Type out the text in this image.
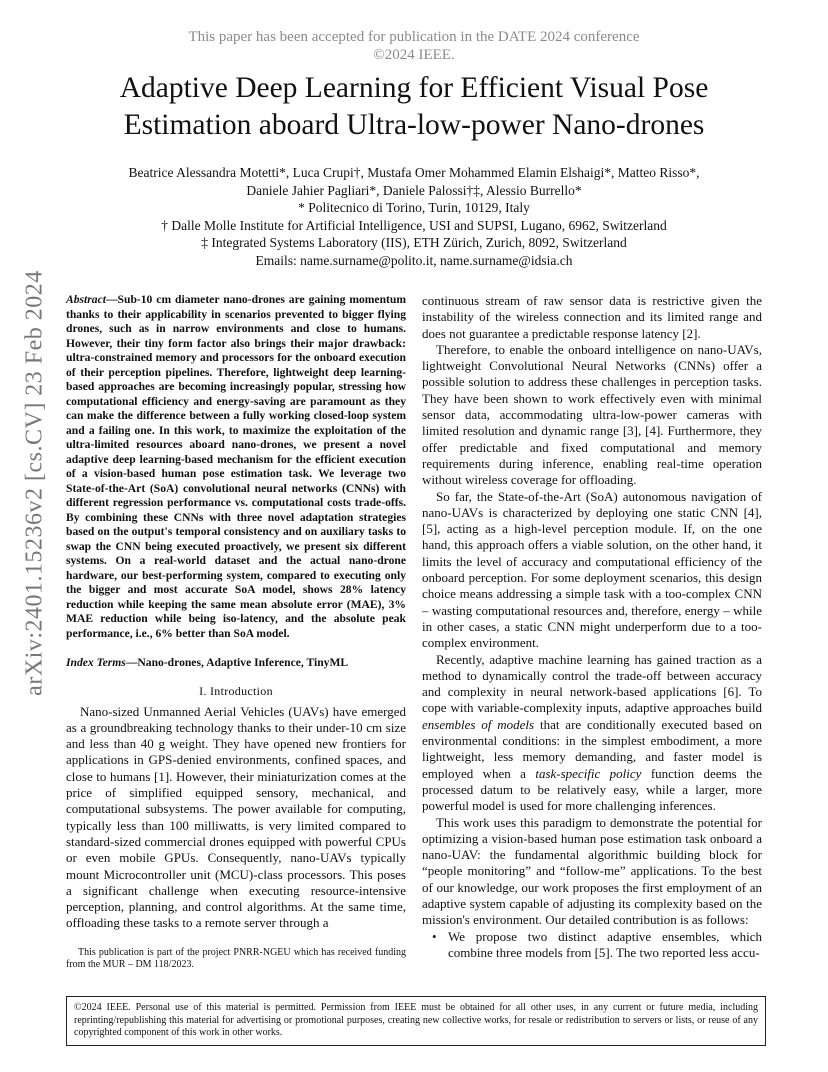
This paper has been accepted for publication in the DATE 2024 conference
©2024 IEEE.
Adaptive Deep Learning for Efficient Visual Pose
Estimation aboard Ultra-low-power Nano-drones
Beatrice Alessandra Motetti*, Luca Crupi†, Mustafa Omer Mohammed Elamin Elshaigi*, Matteo Risso*,
Daniele Jahier Pagliari*, Daniele Palossi†‡, Alessio Burrello*
* Politecnico di Torino, Turin, 10129, Italy
† Dalle Molle Institute for Artificial Intelligence, USI and SUPSI, Lugano, 6962, Switzerland
‡ Integrated Systems Laboratory (IIS), ETH Zürich, Zurich, 8092, Switzerland
Emails: name.surname@polito.it, name.surname@idsia.ch
arXiv:2401.15236v2 [cs.CV] 23 Feb 2024 Abstract—Sub-10 cm diameter nano-drones are gaining momentum thanks to their applicability in scenarios prevented to bigger flying drones, such as in narrow environments and close to humans. However, their tiny form factor also brings their major drawback: ultra-constrained memory and processors for the onboard execution of their perception pipelines. Therefore, lightweight deep learning-based approaches are becoming increasingly popular, stressing how computational efficiency and energy-saving are paramount as they can make the difference between a fully working closed-loop system and a failing one. In this work, to maximize the exploitation of the ultra-limited resources aboard nano-drones, we present a novel adaptive deep learning-based mechanism for the efficient execution of a vision-based human pose estimation task. We leverage two State-of-the-Art (SoA) convolutional neural networks (CNNs) with different regression performance vs. computational costs trade-offs. By combining these CNNs with three novel adaptation strategies based on the output's temporal consistency and on auxiliary tasks to swap the CNN being executed proactively, we present six different systems. On a real-world dataset and the actual nano-drone hardware, our best-performing system, compared to executing only the bigger and most accurate SoA model, shows 28% latency reduction while keeping the same mean absolute error (MAE), 3% MAE reduction while being iso-latency, and the absolute peak performance, i.e., 6% better than SoA model.

Index Terms—Nano-drones, Adaptive Inference, TinyML

I. Introduction

Nano-sized Unmanned Aerial Vehicles (UAVs) have emerged as a groundbreaking technology thanks to their under-10 cm size and less than 40 g weight. They have opened new frontiers for applications in GPS-denied environments, confined spaces, and close to humans [1]. However, their miniaturization comes at the price of simplified equipped sensory, mechanical, and computational subsystems. The power available for computing, typically less than 100 milliwatts, is very limited compared to standard-sized commercial drones equipped with powerful CPUs or even mobile GPUs. Consequently, nano-UAVs typically mount Microcontroller unit (MCU)-class processors. This poses a significant challenge when executing resource-intensive perception, planning, and control algorithms. At the same time, offloading these tasks to a remote server through a

This publication is part of the project PNRR-NGEU which has received funding from the MUR – DM 118/2023.

continuous stream of raw sensor data is restrictive given the instability of the wireless connection and its limited range and does not guarantee a predictable response latency [2].

Therefore, to enable the onboard intelligence on nano-UAVs, lightweight Convolutional Neural Networks (CNNs) offer a possible solution to address these challenges in perception tasks. They have been shown to work effectively even with minimal sensor data, accommodating ultra-low-power cameras with limited resolution and dynamic range [3], [4]. Furthermore, they offer predictable and fixed computational and memory requirements during inference, enabling real-time operation without wireless coverage for offloading.

So far, the State-of-the-Art (SoA) autonomous navigation of nano-UAVs is characterized by deploying one static CNN [4], [5], acting as a high-level perception module. If, on the one hand, this approach offers a viable solution, on the other hand, it limits the level of accuracy and computational efficiency of the onboard perception. For some deployment scenarios, this design choice means addressing a simple task with a too-complex CNN – wasting computational resources and, therefore, energy – while in other cases, a static CNN might underperform due to a too-complex environment.

Recently, adaptive machine learning has gained traction as a method to dynamically control the trade-off between accuracy and complexity in neural network-based applications [6]. To cope with variable-complexity inputs, adaptive approaches build ensembles of models that are conditionally executed based on environmental conditions: in the simplest embodiment, a more lightweight, less memory demanding, and faster model is employed when a task-specific policy function deems the processed datum to be relatively easy, while a larger, more powerful model is used for more challenging inferences.

This work uses this paradigm to demonstrate the potential for optimizing a vision-based human pose estimation task onboard a nano-UAV: the fundamental algorithmic building block for “people monitoring” and “follow-me” applications. To the best of our knowledge, our work proposes the first employment of an adaptive system capable of adjusting its complexity based on the mission's environment. Our detailed contribution is as follows:

• We propose two distinct adaptive ensembles, which combine three models from [5]. The two reported less accu-

©2024 IEEE. Personal use of this material is permitted. Permission from IEEE must be obtained for all other uses, in any current or future media, including reprinting/republishing this material for advertising or promotional purposes, creating new collective works, for resale or redistribution to servers or lists, or reuse of any copyrighted component of this work in other works.
